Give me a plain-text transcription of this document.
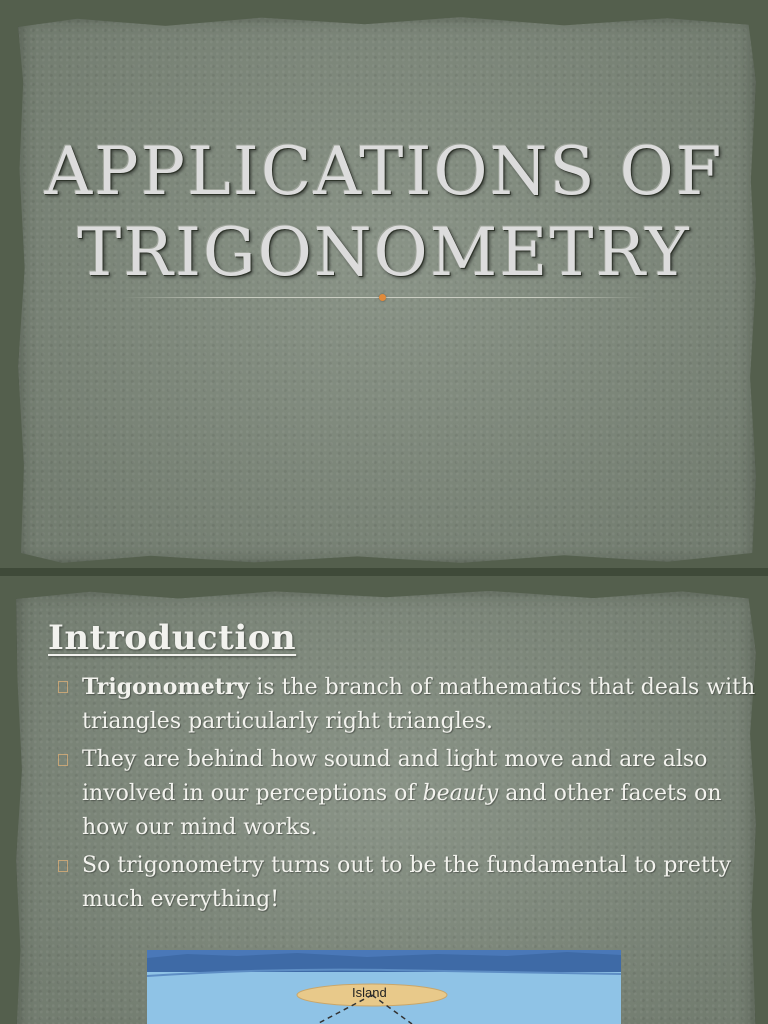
APPLICATIONS OF
TRIGONOMETRY
Introduction
Trigonometry is the branch of mathematics that deals with triangles particularly right triangles.
They are behind how sound and light move and are also involved in our perceptions of beauty and other facets on how our mind works.
So trigonometry turns out to be the fundamental to pretty much everything!
Island
